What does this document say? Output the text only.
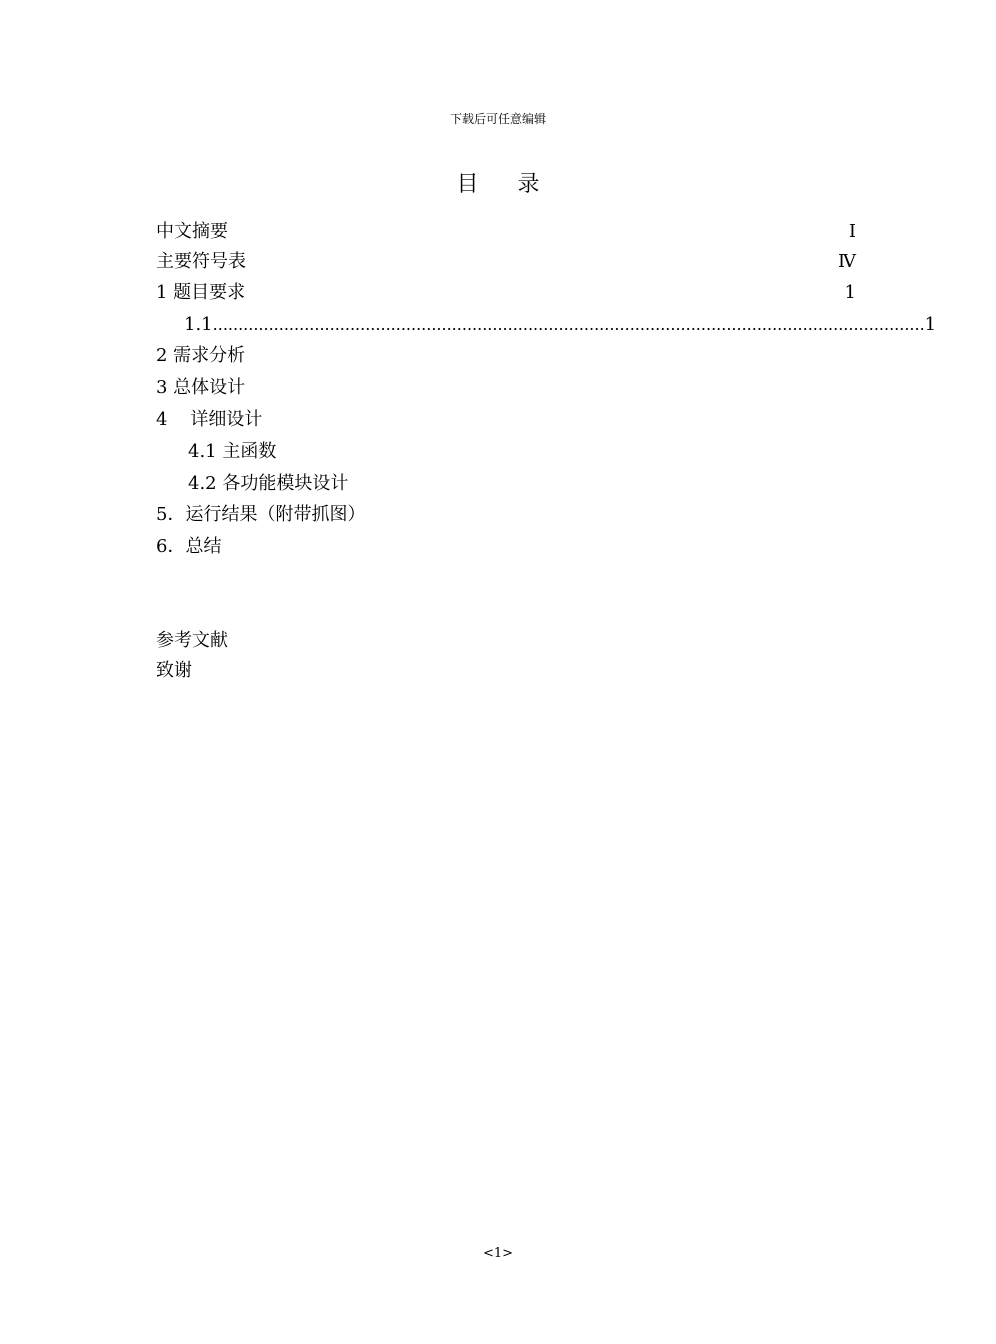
下载后可任意编辑
目 录
中文摘要	Ⅰ
主要符号表	Ⅳ
1 题目要求	1
1.1 ............................................................................................................................................ 1
2 需求分析
3 总体设计
4    详细设计
4.1 主函数
4.2 各功能模块设计
5．运行结果（附带抓图）
6．总结
参考文献
致谢
<1>
